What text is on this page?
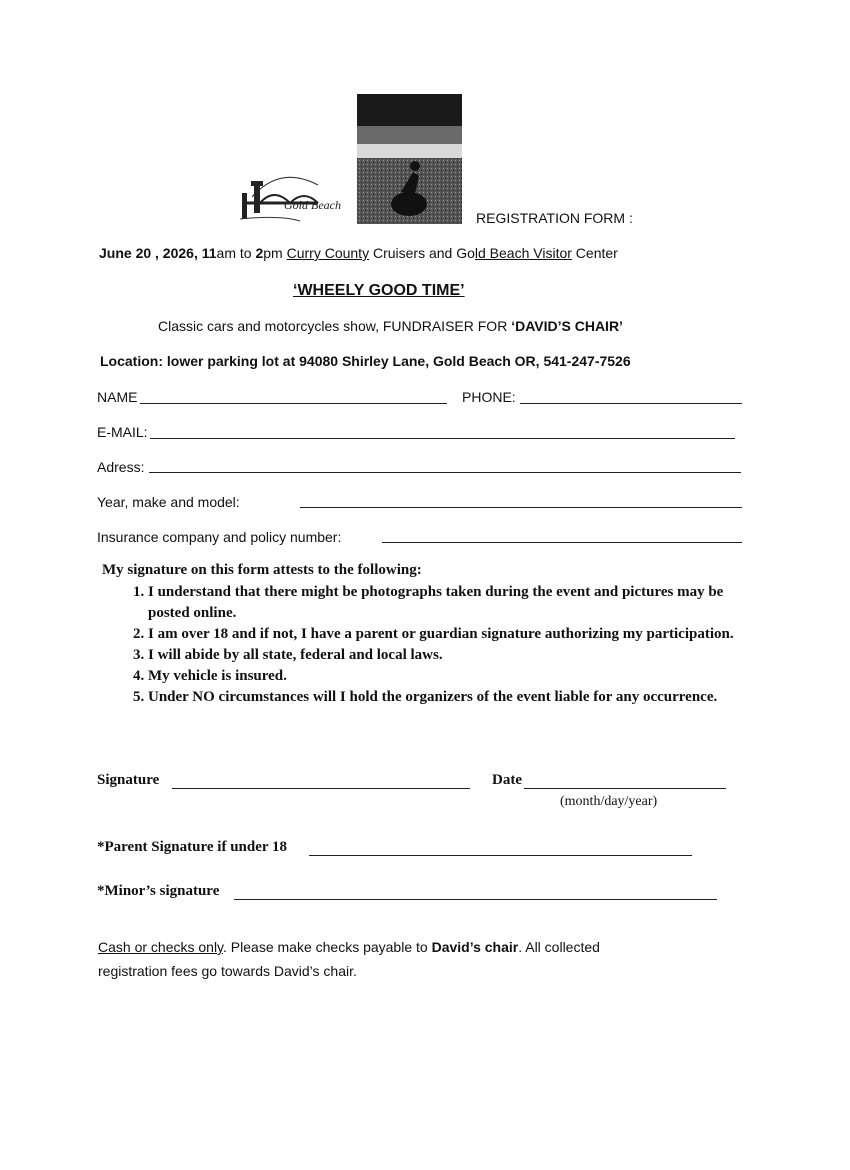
Gold Beach
REGISTRATION FORM :
June 20 , 2026, 11am to 2pm Curry County Cruisers and Gold Beach Visitor Center
‘WHEELY GOOD TIME’
Classic cars and motorcycles show, FUNDRAISER FOR ‘DAVID’S CHAIR’
Location: lower parking lot at 94080 Shirley Lane, Gold Beach OR, 541-247-7526
NAME	PHONE:
E-MAIL:
Adress:
Year, make and model:
Insurance company and policy number:
My signature on this form attests to the following:
1. I understand that there might be photographs taken during the event and pictures may be posted online.
2. I am over 18 and if not, I have a parent or guardian signature authorizing my participation.
3. I will abide by all state, federal and local laws.
4. My vehicle is insured.
5. Under NO circumstances will I hold the organizers of the event liable for any occurrence.
Signature	Date
(month/day/year)
*Parent Signature if under 18
*Minor’s signature
Cash or checks only. Please make checks payable to David’s chair. All collected
registration fees go towards David’s chair.
